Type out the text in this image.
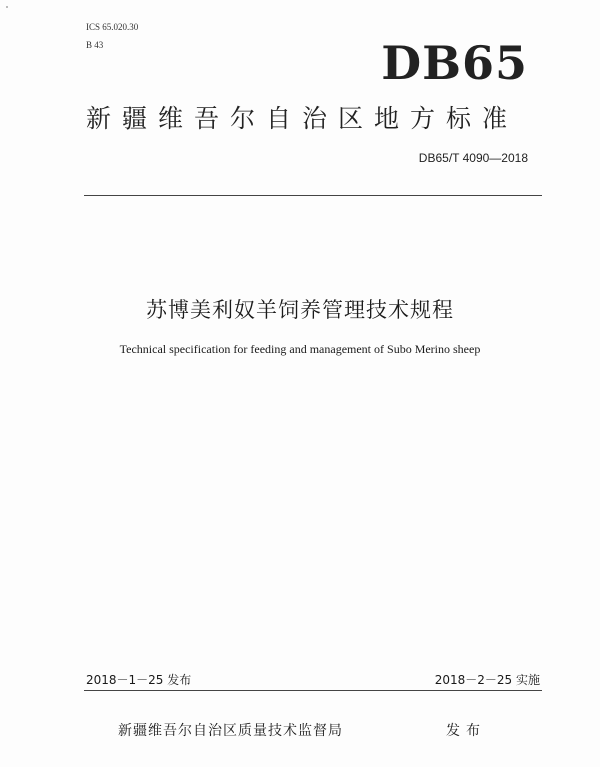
ICS 65.020.30
B 43	DB65
新疆维吾尔自治区地方标准
DB65/T 4090—2018
苏博美利奴羊饲养管理技术规程
Technical specification for feeding and management of Subo Merino sheep
2018－1－25 发布	2018－2－25 实施
新疆维吾尔自治区质量技术监督局	发布
